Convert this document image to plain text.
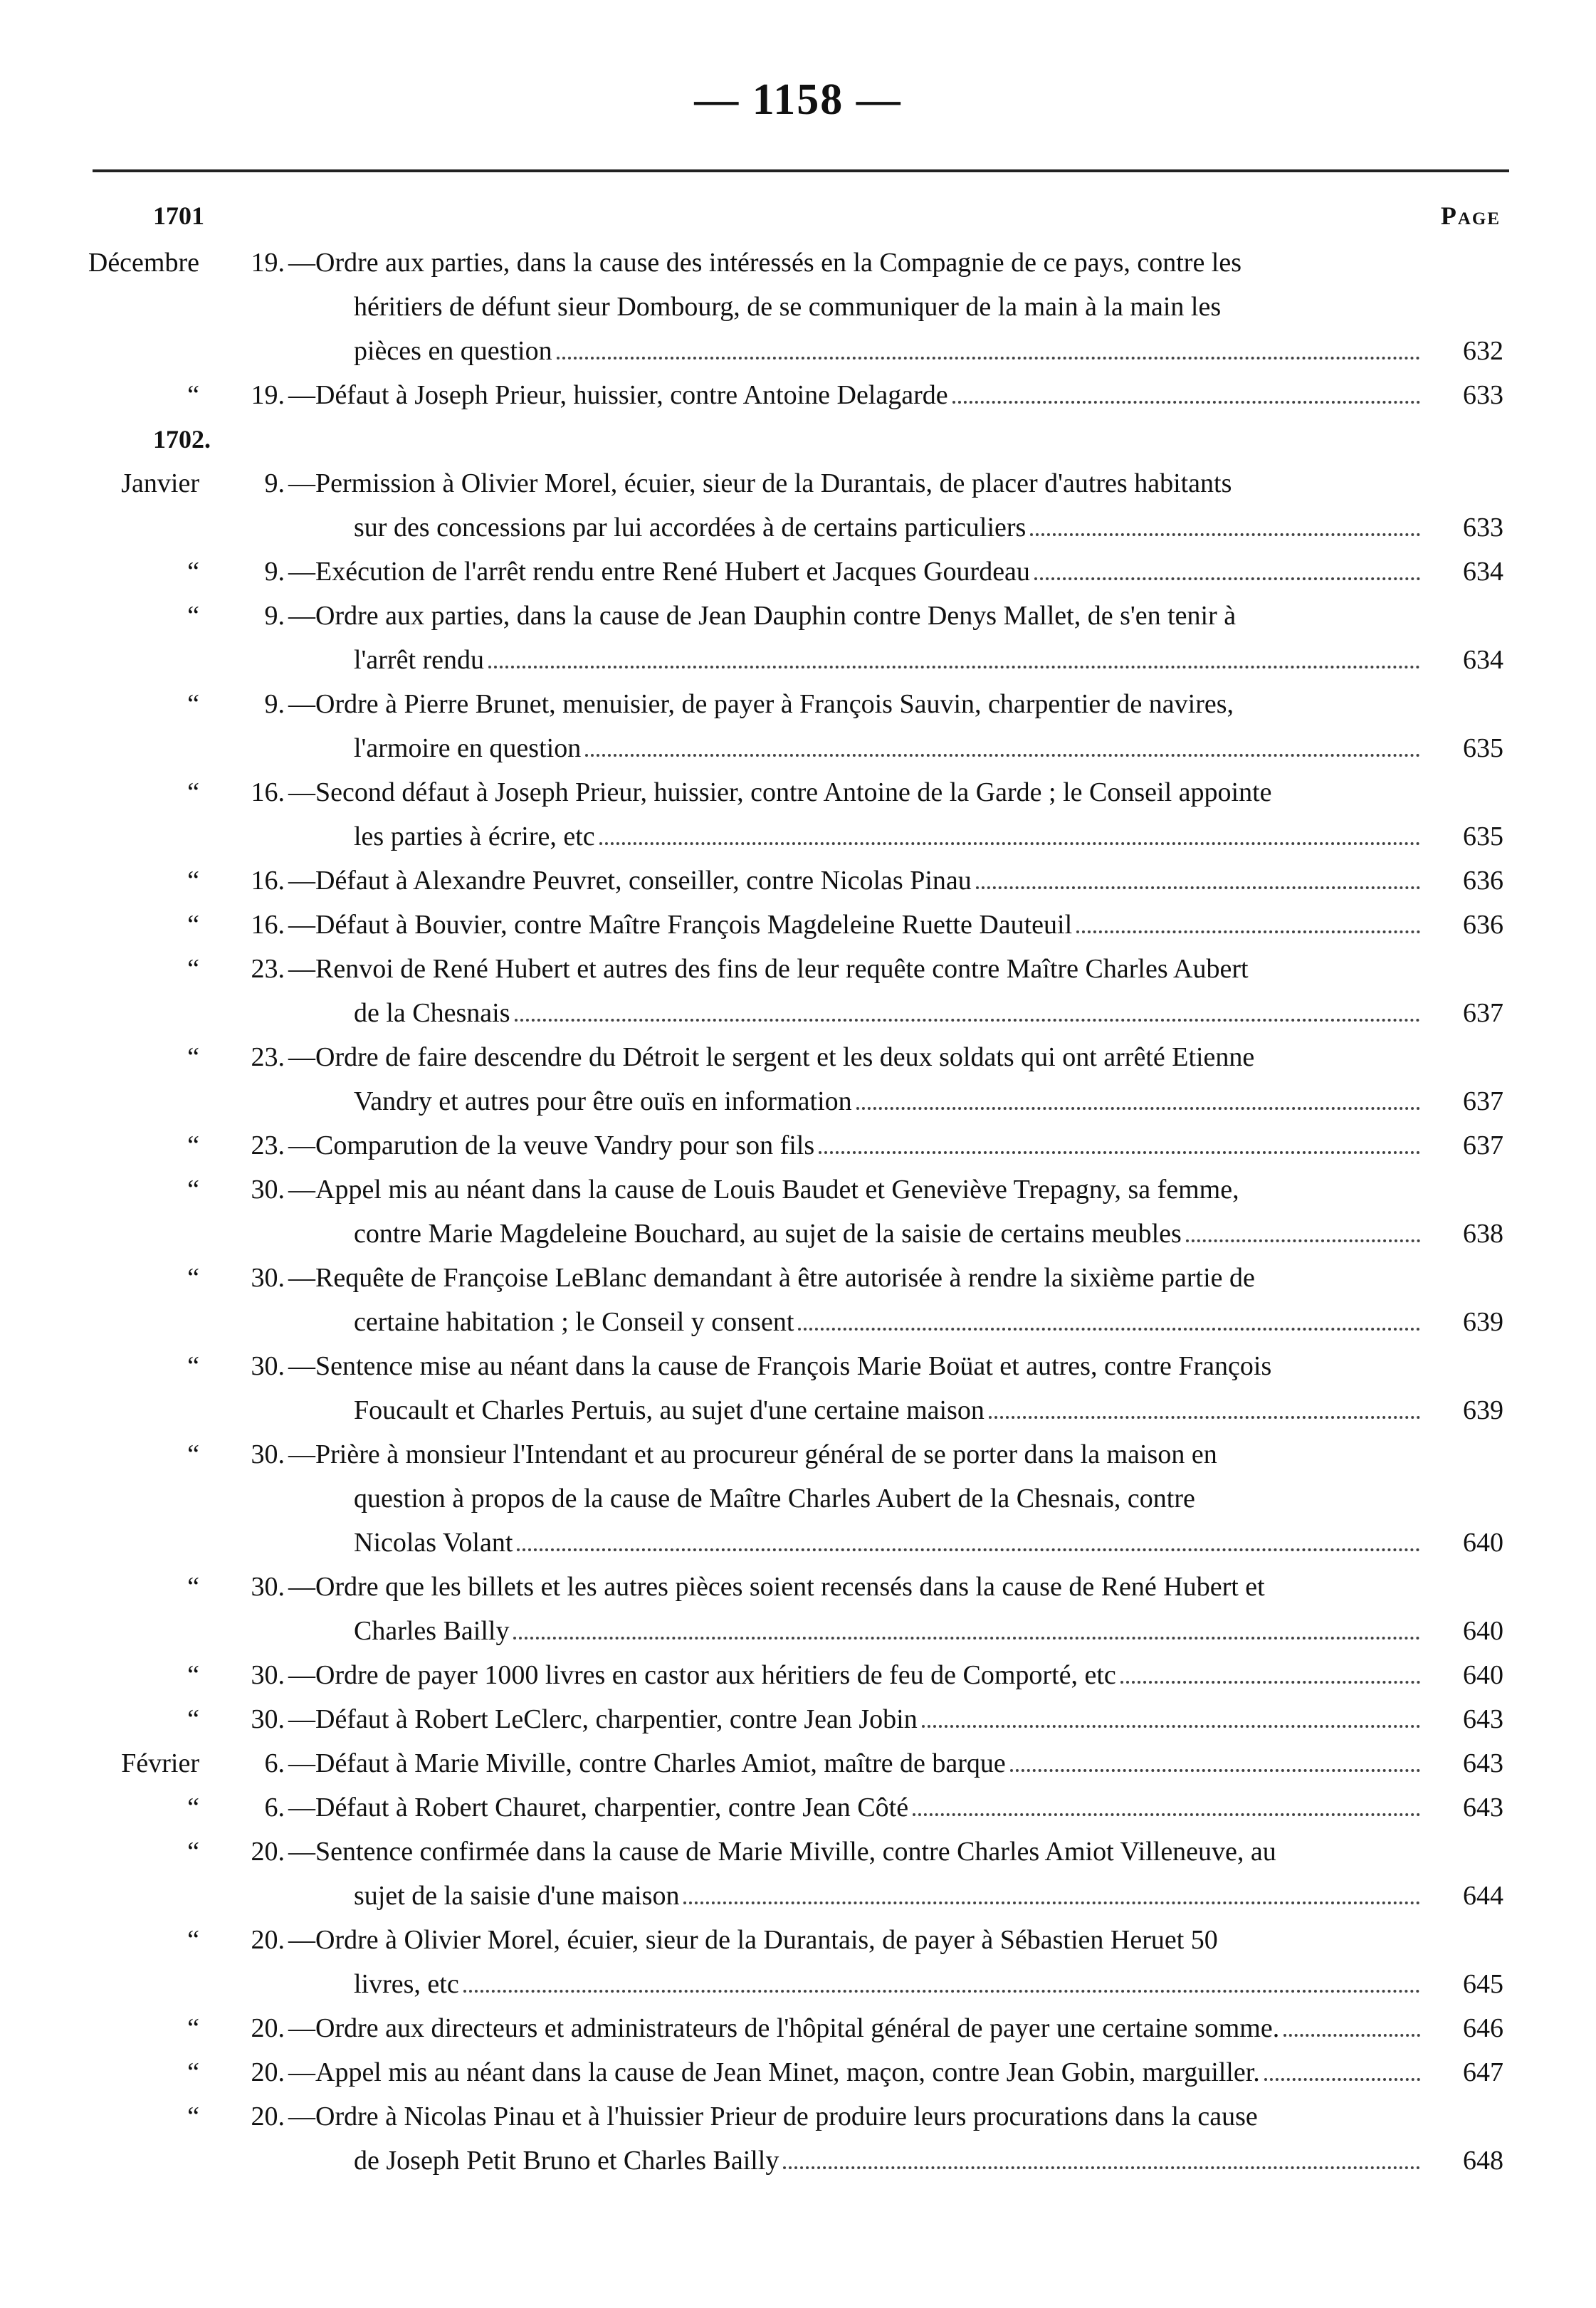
— 1158 —
1701	Page
Décembre	19. —Ordre aux parties, dans la cause des intéressés en la Compagnie de ce pays, contre les
héritiers de défunt sieur Dombourg, de se communiquer de la main à la main les
pièces en question	632
“	19. —Défaut à Joseph Prieur, huissier, contre Antoine Delagarde	633
1702.
Janvier	9. —Permission à Olivier Morel, écuier, sieur de la Durantais, de placer d'autres habitants
sur des concessions par lui accordées à de certains particuliers	633
“	9. —Exécution de l'arrêt rendu entre René Hubert et Jacques Gourdeau	634
“	9. —Ordre aux parties, dans la cause de Jean Dauphin contre Denys Mallet, de s'en tenir à
l'arrêt rendu	634
“	9. —Ordre à Pierre Brunet, menuisier, de payer à François Sauvin, charpentier de navires,
l'armoire en question	635
“	16. —Second défaut à Joseph Prieur, huissier, contre Antoine de la Garde ; le Conseil appointe
les parties à écrire, etc	635
“	16. —Défaut à Alexandre Peuvret, conseiller, contre Nicolas Pinau	636
“	16. —Défaut à Bouvier, contre Maître François Magdeleine Ruette Dauteuil	636
“	23. —Renvoi de René Hubert et autres des fins de leur requête contre Maître Charles Aubert
de la Chesnais	637
“	23. —Ordre de faire descendre du Détroit le sergent et les deux soldats qui ont arrêté Etienne
Vandry et autres pour être ouïs en information	637
“	23. —Comparution de la veuve Vandry pour son fils	637
“	30. —Appel mis au néant dans la cause de Louis Baudet et Geneviève Trepagny, sa femme,
contre Marie Magdeleine Bouchard, au sujet de la saisie de certains meubles	638
“	30. —Requête de Françoise LeBlanc demandant à être autorisée à rendre la sixième partie de
certaine habitation ; le Conseil y consent	639
“	30. —Sentence mise au néant dans la cause de François Marie Boüat et autres, contre François
Foucault et Charles Pertuis, au sujet d'une certaine maison	639
“	30. —Prière à monsieur l'Intendant et au procureur général de se porter dans la maison en
question à propos de la cause de Maître Charles Aubert de la Chesnais, contre
Nicolas Volant	640
“	30. —Ordre que les billets et les autres pièces soient recensés dans la cause de René Hubert et
Charles Bailly	640
“	30. —Ordre de payer 1000 livres en castor aux héritiers de feu de Comporté, etc	640
“	30. —Défaut à Robert LeClerc, charpentier, contre Jean Jobin	643
Février	6. —Défaut à Marie Miville, contre Charles Amiot, maître de barque	643
“	6. —Défaut à Robert Chauret, charpentier, contre Jean Côté	643
“	20. —Sentence confirmée dans la cause de Marie Miville, contre Charles Amiot Villeneuve, au
sujet de la saisie d'une maison	644
“	20. —Ordre à Olivier Morel, écuier, sieur de la Durantais, de payer à Sébastien Heruet 50
livres, etc	645
“	20. —Ordre aux directeurs et administrateurs de l'hôpital général de payer une certaine somme.	646
“	20. —Appel mis au néant dans la cause de Jean Minet, maçon, contre Jean Gobin, marguiller.	647
“	20. —Ordre à Nicolas Pinau et à l'huissier Prieur de produire leurs procurations dans la cause
de Joseph Petit Bruno et Charles Bailly	648
